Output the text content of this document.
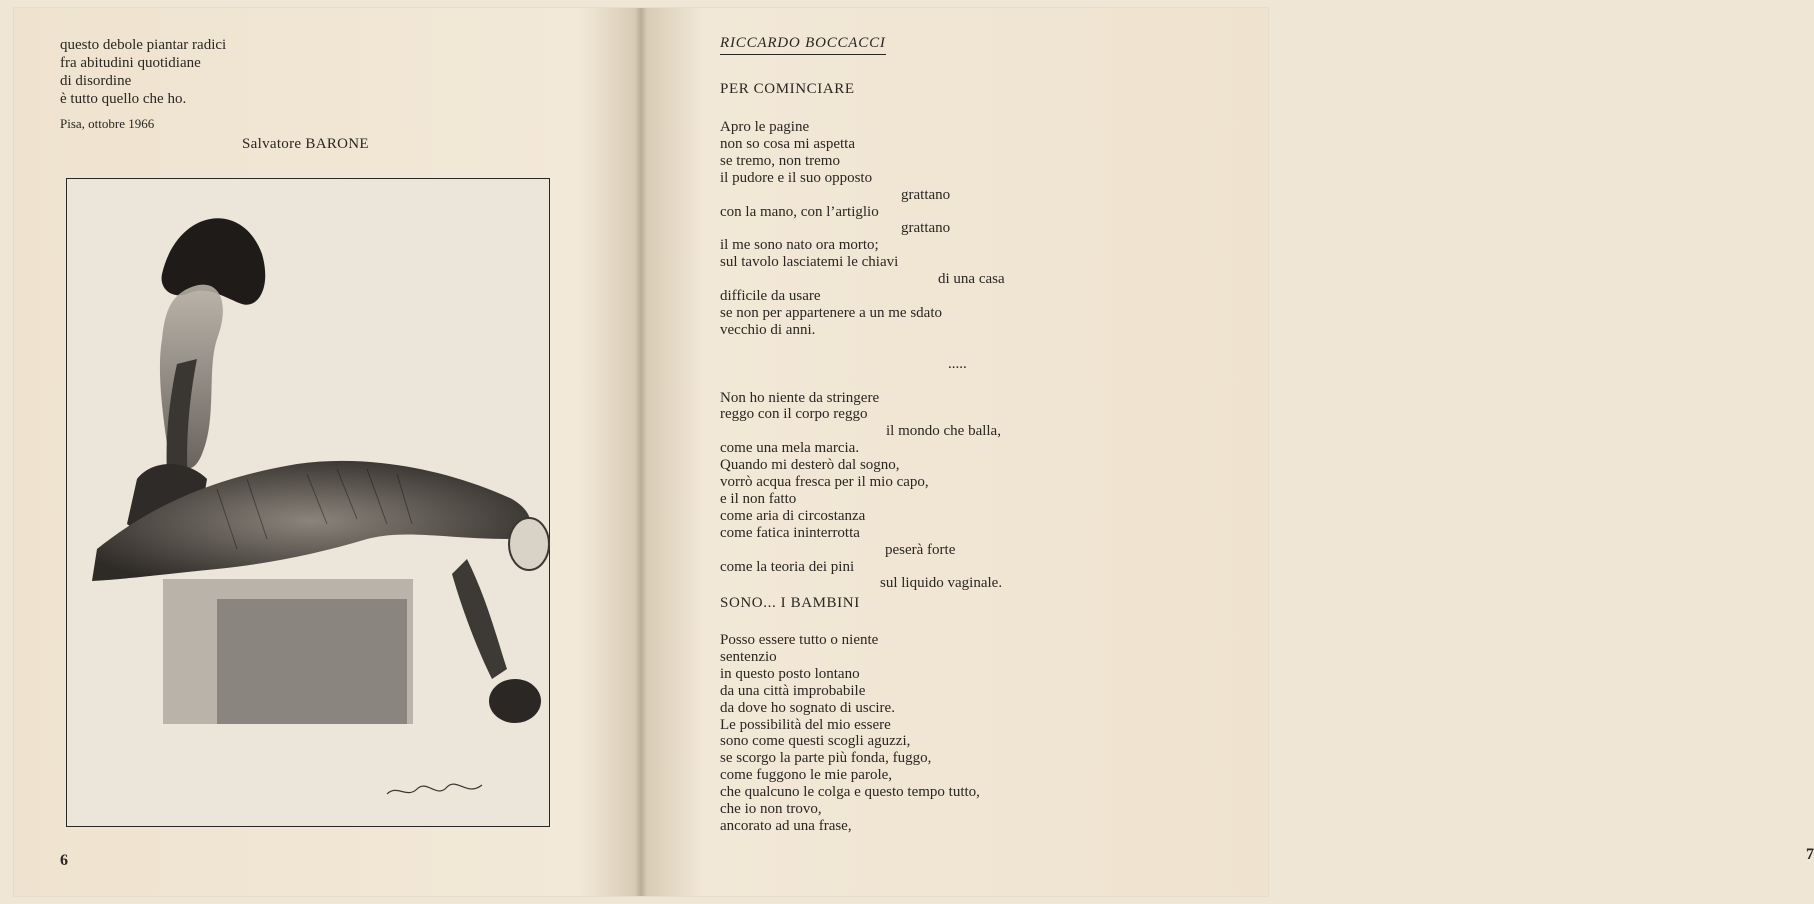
questo debole piantar radici
fra abitudini quotidiane
di disordine
è tutto quello che ho.
Pisa, ottobre 1966
Salvatore BARONE
6

RICCARDO BOCCACCI
PER COMINCIARE
Apro le pagine
non so cosa mi aspetta
se tremo, non tremo
il pudore e il suo opposto
grattano
con la mano, con l’artiglio
grattano
il me sono nato ora morto;
sul tavolo lasciatemi le chiavi
di una casa
difficile da usare
se non per appartenere a un me sdato
vecchio di anni.

.....

Non ho niente da stringere
reggo con il corpo reggo
il mondo che balla,
come una mela marcia.
Quando mi desterò dal sogno,
vorrò acqua fresca per il mio capo,
e il non fatto
come aria di circostanza
come fatica ininterrotta
peserà forte
come la teoria dei pini
sul liquido vaginale.
SONO... I BAMBINI
Posso essere tutto o niente
sentenzio
in questo posto lontano
da una città improbabile
da dove ho sognato di uscire.
Le possibilità del mio essere
sono come questi scogli aguzzi,
se scorgo la parte più fonda, fuggo,
come fuggono le mie parole,
che qualcuno le colga e questo tempo tutto,
che io non trovo,
ancorato ad una frase,
7
